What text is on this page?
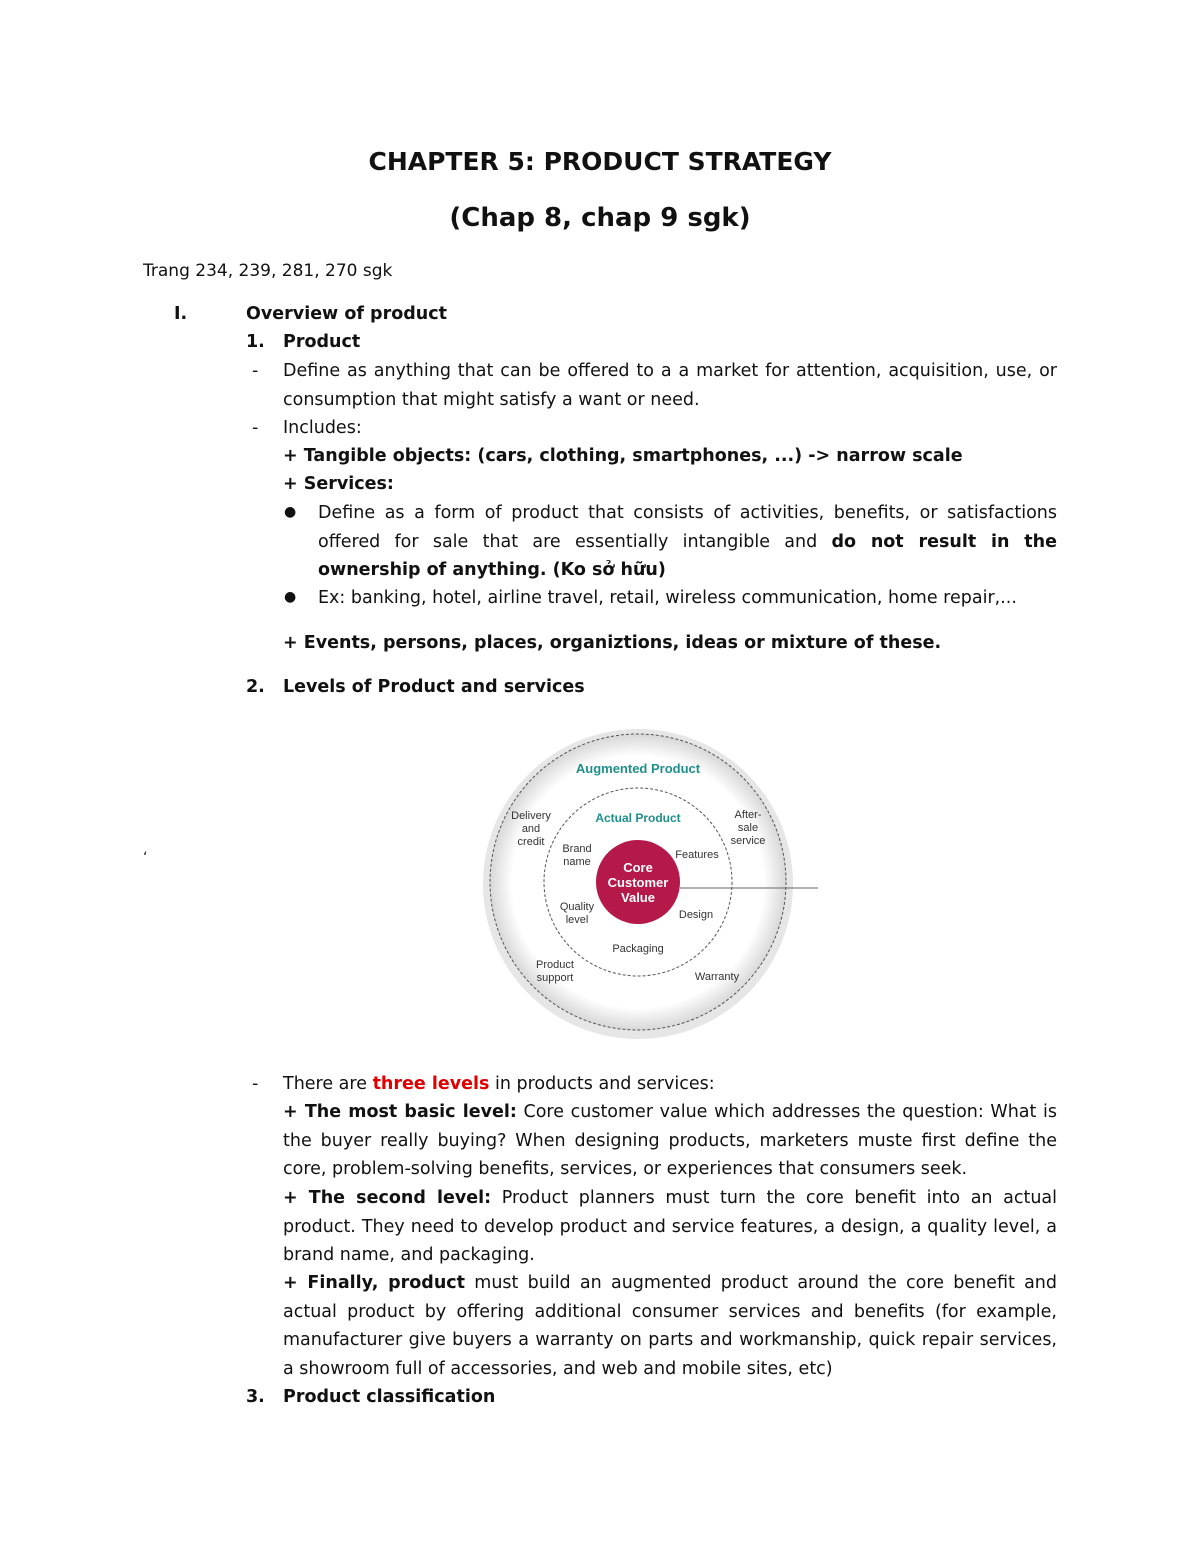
CHAPTER 5: PRODUCT STRATEGY
(Chap 8, chap 9 sgk)
Trang 234, 239, 281, 270 sgk
I.	Overview of product
1. Product
- Define as anything that can be offered to a a market for attention, acquisition, use, or consumption that might satisfy a want or need.
- Includes:
+ Tangible objects: (cars, clothing, smartphones, ...) -> narrow scale
+ Services:
● Define as a form of product that consists of activities, benefits, or satisfactions offered for sale that are essentially intangible and do not result in the ownership of anything. (Ko sở hữu)
● Ex: banking, hotel, airline travel, retail, wireless communication, home repair,...
+ Events, persons, places, organiztions, ideas or mixture of these.
2. Levels of Product and services
‘
Augmented Product
Actual Product
Core
Customer
Value
Delivery
and
credit
After-
sale
service
Brand
name
Features
Quality
level	Design
Packaging
Product
support	Warranty
- There are three levels in products and services:
+ The most basic level: Core customer value which addresses the question: What is the buyer really buying? When designing products, marketers muste first define the core, problem-solving benefits, services, or experiences that consumers seek.
+ The second level: Product planners must turn the core benefit into an actual product. They need to develop product and service features, a design, a quality level, a brand name, and packaging.
+ Finally, product must build an augmented product around the core benefit and actual product by offering additional consumer services and benefits (for example, manufacturer give buyers a warranty on parts and workmanship, quick repair services, a showroom full of accessories, and web and mobile sites, etc)
3. Product classification
